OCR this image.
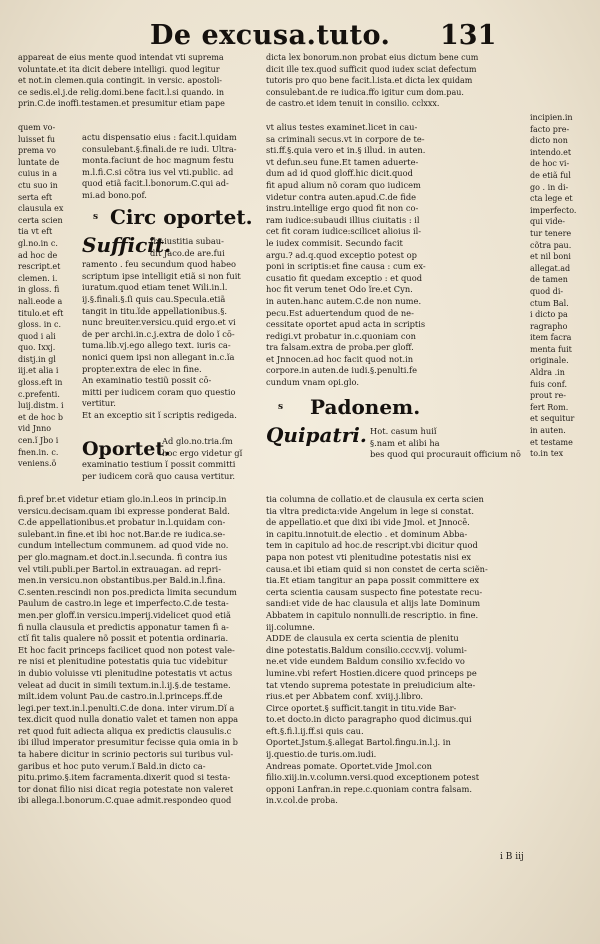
De excusa.tuto. 131
appareat de eius mente quod intendat vti suprema
voluntate.et ita dicit debere intelligi. quod legitur
et not.in clemen.quia contingit. in versic. apostoli-
ce sedis.el.j.de relig.domi.bene facit.l.si quando. in
prin.C.de inoffi.testamen.et presumitur etiam pape
dicta lex bonorum.non probat eius dictum bene cum
dicit ille tex.quod sufficit quod iudex sciat defectum
tutoris pro quo bene facit.l.ista.et dicta lex quidam
consulebant.de re iudica.ffo igitur cum dom.pau.
de castro.et idem tenuit in consilio. cclxxx.
quem vo-
luisset fu
prema vo
luntate de
cuius in a
ctu suo in
serta eft
clausula ex
certa scien
tia vt eft
gl.no.in c.
ad hoc de
rescript.et
clemen. i.
in gloss. fi
nali.eode a
titulo.et eft
gloss. in c.
quod i ali
quo. Ixxj.
distj.in gl
iij.et alia i
gloss.eft in
c.prefenti.
luij.distm. i
et de hoc b
vid Jnno
cen.ĭ Jbo i
fnen.in. c.
veniens.ö
actu dispensatio eius : facit.l.quidam
consulebant.§.finali.de re iudi. Ultra-
monta.faciunt de hoc magnum festu
m.l.fi.C.si cõtra ius vel vti.public. ad
quod etiã facit.l.bonorum.C.qui ad-
mi.ad bono.pof.
s Circ oportet.
Sufficit.
Jbi:iustitia subau-
dit Jaco.de are.fui
ramento . feu secundum quod habeo
scriptum ipse intelligit etiã si non fuit
iuratum.quod etiam tenet Wili.in.l.
ij.§.finali.§.ſi quis cau.Specula.etiã
tangit in titu.ĭde appellationibus.§.
nunc breuiter.versicu.quid ergo.et vi
de per archi.in.c.j.extra de dolo ĭ cō-
tuma.lib.vj.ego allego text. iuris ca-
nonici quem ipsi non allegant in.c.ĭa
propter.extra de elec in fine.
An examinatio testiũ possit cō-
mitti per iudicem coram quo questio
vertitur.
Et an exceptio sit ĭ scriptis redigeda.
Oportet.
Ad glo.no.tria.ſm
hoc ergo videtur gĭ
examinatio testium ĭ possit committi
per iudicem corã quo causa vertitur.
fi.pref br.et videtur etiam glo.in.l.eos in princip.in
versicu.decisam.quam ibi expresse ponderat Bald.
C.de appellationibus.et probatur in.l.quidam con-
sulebant.in fine.et ibi hoc not.Bar.de re iudica.se-
cundum intellectum communem. ad quod vide no.
per glo.magnam.et doct.in.l.secunda. fi contra ius
vel vtili.publi.per Bartol.in extrauagan. ad repri-
men.in versicu.non obstantibus.per Bald.in.l.fina.
C.senten.rescindi non pos.predicta limita secundum
Paulum de castro.in lege et imperfecto.C.de testa-
men.per gloff.in versicu.imperij.videlicet quod etiã
fi nulla clausula et predictis apponatur tamen fi a-
ctĭ fit talis qualere nõ possit et potentia ordinaria.
Et hoc facit princeps facilicet quod non potest vale-
re nisi et plenitudine potestatis quia tuc videbitur
in dubio voluisse vti plenitudine potestatis vt actus
veleat ad ducit in simili textum.in.l.ij.§.de testame.
milt.idem volunt Pau.de castro.in.l.princeps.ff.de
legi.per text.in.l.penulti.C.de dona. inter virum.Dĭ a
tex.dicit quod nulla donatio valet et tamen non appa
ret quod fuit adiecta aliqua ex predictis clausulis.c
ibi illud imperator presumitur fecisse quia omia in b
ta habere dicitur in scrinio pectoris sui turibus vul-
garibus et hoc puto verum.ĭ Bald.in dicto ca-
pitu.primo.§.item facramenta.dixerit quod si testa-
tor donat filio nisi dicat regia potestate non valeret
ibi allega.l.bonorum.C.quae admit.respondeo quod
vt alius testes examinet.licet in cau-
sa criminali secus.vt in corpore de te-
sti.ff.§.quia vero et in.§ illud. in auten.
vt defun.seu fune.Et tamen aduerte-
dum ad id quod gloff.hic dicit.quod
fit apud alium nõ coram quo iudicem
videtur contra auten.apud.C.de fide
instru.intellige ergo quod fit non co-
ram iudice:subaudi illius ciuitatis : il
cet fit coram iudice:scilicet alioius il-
le iudex commisit. Secundo facit
argu.? ad.q.quod exceptio potest op
poni in scriptis:et fine causa : cum ex-
cusatio fit quedam exceptio : et quod
hoc fit verum tenet Odo ĭre.et Cyn.
in auten.hanc autem.C.de non nume.
pecu.Est aduertendum quod de ne-
cessitate oportet apud acta in scriptis
redigi.vt probatur in.c.quoniam con
tra falsam.extra de proba.per gloff.
et Jnnocen.ad hoc facit quod not.in
corpore.in auten.de iudi.§.penulti.fe
cundum vnam opi.glo.
incipien.in
facto pre-
dicto non
intendo.et
de hoc vi-
de etiã ful
go . in di-
cta lege et
imperfecto.
qui vide-
tur tenere
cõtra pau.
et nil boni
allegat.ad
de tamen
quod di-
ctum Bal.
i dicto pa
ragrapho
item facra
menta fuit
originale.
Aldra .in
fuis conf.
prout re-
fert Rom.
et sequitur
in auten.
et testame
to.in tex
s Padonem.
Quipatri. Hot. casum huiĭ
§.nam et alibi ha
bes quod qui procurauit officium nō
tia columna de collatio.et de clausula ex certa scien
tia vltra predicta:vide Angelum in lege si constat.
de appellatio.et que dixi ibi vide Jmol. et Jnnocē.
in capitu.innotuit.de electio . et dominum Abba-
tem in capitulo ad hoc.de rescript.vbi dicitur quod
papa non potest vti plenitudine potestatis nisi ex
causa.et ibi etiam quid si non constet de certa sciẽn-
tia.Et etiam tangitur an papa possit committere ex
certa scientia causam suspecto fine potestate recu-
sandi:et vide de hac clausula et alijs late Dominum
Abbatem in capitulo nonnulli.de rescriptio. in fine.
iij.columne.
ADDE de clausula ex certa scientia de plenitu
dine potestatis.Baldum consilio.cccv.vij. volumi-
ne.et vide eundem Baldum consilio xv.fecido vo
lumine.vbi refert Hostien.dicere quod princeps pe
tat vtendo suprema potestate in preiudicium alte-
rius.et per Abbatem conf. xviij.j.libro.
Circe oportet.§ sufficit.tangit in titu.vide Bar-
to.et docto.in dicto paragrapho quod dicimus.qui
eft.§.fi.l.ij.ff.si quis cau.
Oportet.Jstum.§.allegat Bartol.fingu.in.l.j. in
ij.questio.de turis.om.iudi.
Andreas pomate. Oportet.vide Jmol.con
filio.xiij.in.v.column.versi.quod exceptionem potest
opponi Lanfran.in repe.c.quoniam contra falsam.
in.v.col.de proba.
i B iij
